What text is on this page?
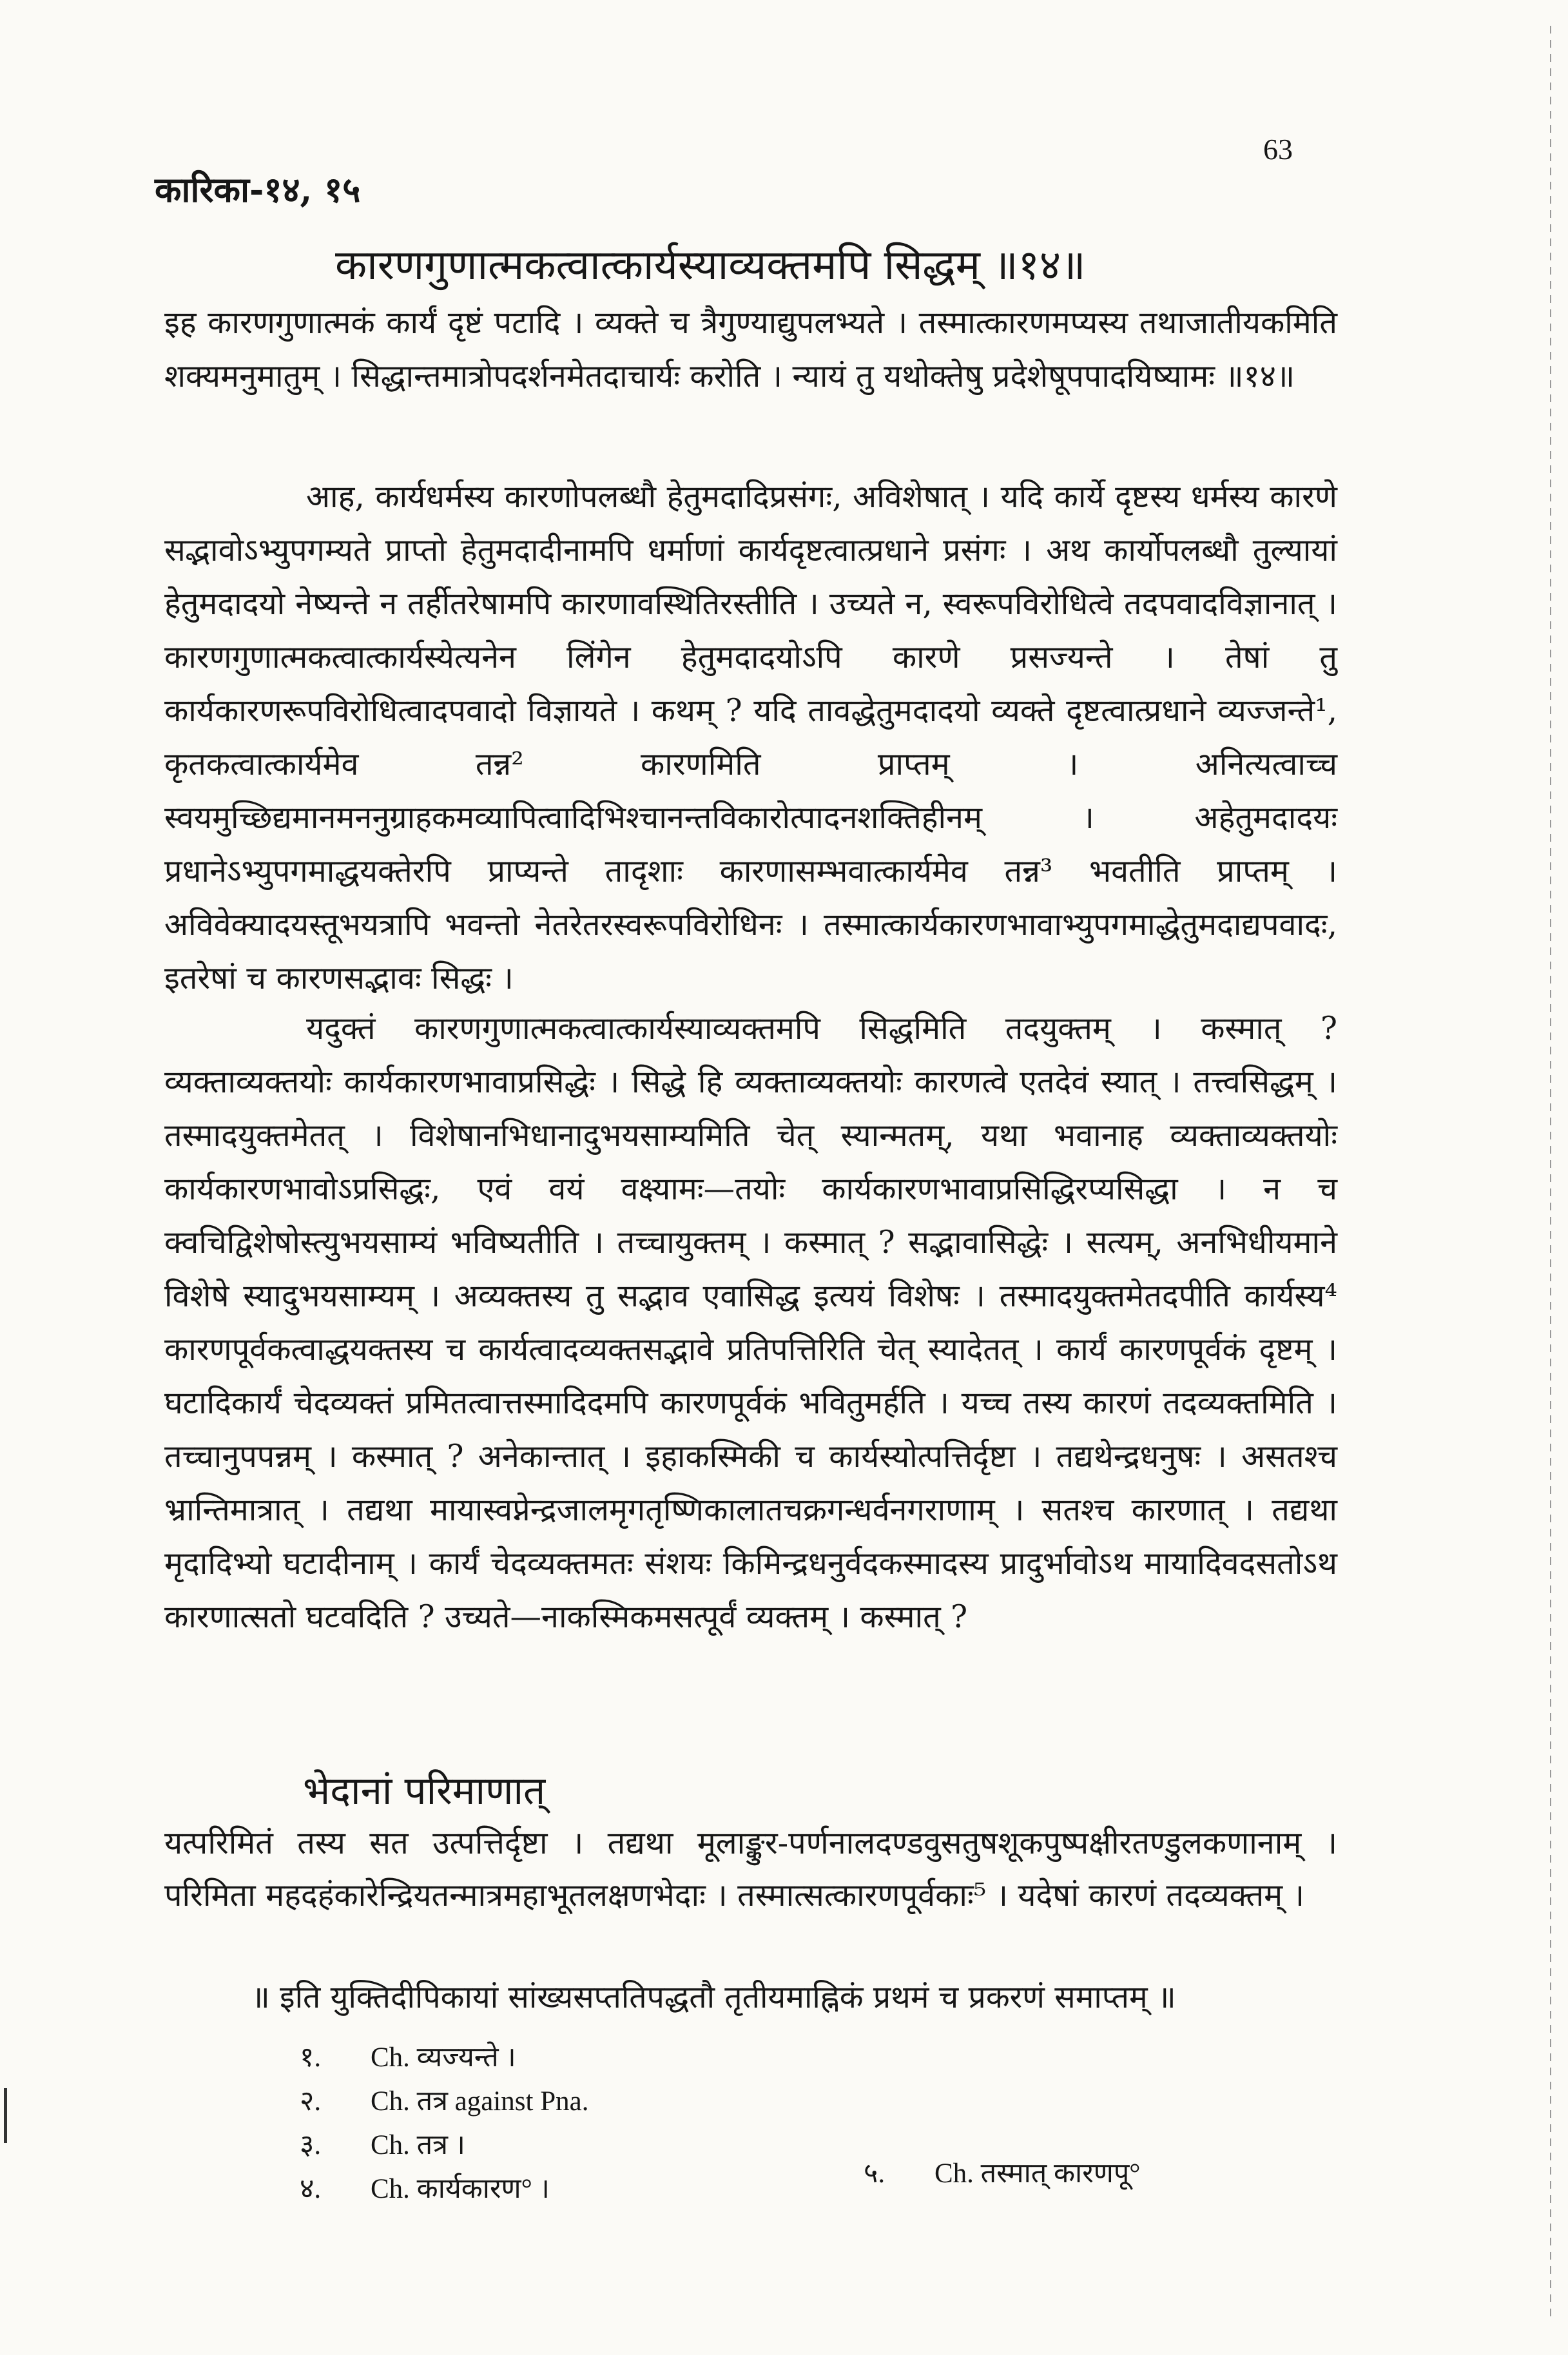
63
कारिका-१४, १५
कारणगुणात्मकत्वात्कार्यस्याव्यक्तमपि सिद्धम् ॥१४॥

इह कारणगुणात्मकं कार्यं दृष्टं पटादि । व्यक्ते च त्रैगुण्याद्युपलभ्यते । तस्मात्कारणमप्यस्य तथाजातीयकमिति शक्यमनुमातुम् । सिद्धान्तमात्रोपदर्शनमेतदाचार्यः करोति । न्यायं तु यथोक्तेषु प्रदेशेषूपपादयिष्यामः ॥१४॥

आह, कार्यधर्मस्य कारणोपलब्धौ हेतुमदादिप्रसंगः, अविशेषात् । यदि कार्ये दृष्टस्य धर्मस्य कारणे सद्भावोऽभ्युपगम्यते प्राप्तो हेतुमदादीनामपि धर्माणां कार्यदृष्टत्वात्प्रधाने प्रसंगः । अथ कार्योपलब्धौ तुल्यायां हेतुमदादयो नेष्यन्ते न तर्हीतरेषामपि कारणावस्थितिरस्तीति । उच्यते न, स्वरूपविरोधित्वे तदपवादविज्ञानात् । कारणगुणात्मकत्वात्कार्यस्येत्यनेन लिंगेन हेतुमदादयोऽपि कारणे प्रसज्यन्ते । तेषां तु कार्यकारणरूपविरोधित्वादपवादो विज्ञायते । कथम् ? यदि तावद्धेतुमदादयो व्यक्ते दृष्टत्वात्प्रधाने व्यज्जन्ते¹, कृतकत्वात्कार्यमेव तन्न² कारणमिति प्राप्तम् । अनित्यत्वाच्च स्वयमुच्छिद्यमानमननुग्राहकमव्यापित्वादिभिश्चानन्तविकारोत्पादनशक्तिहीनम् । अहेतुमदादयः प्रधानेऽभ्युपगमाद्धयक्तेरपि प्राप्यन्ते तादृशाः कारणासम्भवात्कार्यमेव तन्न³ भवतीति प्राप्तम् । अविवेक्यादयस्तूभयत्रापि भवन्तो नेतरेतरस्वरूपविरोधिनः । तस्मात्कार्यकारणभावाभ्युपगमाद्धेतुमदाद्यपवादः, इतरेषां च कारणसद्भावः सिद्धः ।

यदुक्तं कारणगुणात्मकत्वात्कार्यस्याव्यक्तमपि सिद्धमिति तदयुक्तम् । कस्मात् ? व्यक्ताव्यक्तयोः कार्यकारणभावाप्रसिद्धेः । सिद्धे हि व्यक्ताव्यक्तयोः कारणत्वे एतदेवं स्यात् । तत्त्वसिद्धम् । तस्मादयुक्तमेतत् । विशेषानभिधानादुभयसाम्यमिति चेत् स्यान्मतम्, यथा भवानाह व्यक्ताव्यक्तयोः कार्यकारणभावोऽप्रसिद्धः, एवं वयं वक्ष्यामः—तयोः कार्यकारणभावाप्रसिद्धिरप्यसिद्धा । न च क्वचिद्विशेषोस्त्युभयसाम्यं भविष्यतीति । तच्चायुक्तम् । कस्मात् ? सद्भावासिद्धेः । सत्यम्, अनभिधीयमाने विशेषे स्यादुभयसाम्यम् । अव्यक्तस्य तु सद्भाव एवासिद्ध इत्ययं विशेषः । तस्मादयुक्तमेतदपीति कार्यस्य⁴ कारणपूर्वकत्वाद्धयक्तस्य च कार्यत्वादव्यक्तसद्भावे प्रतिपत्तिरिति चेत् स्यादेतत् । कार्यं कारणपूर्वकं दृष्टम् । घटादिकार्यं चेदव्यक्तं प्रमितत्वात्तस्मादिदमपि कारणपूर्वकं भवितुमर्हति । यच्च तस्य कारणं तदव्यक्तमिति । तच्चानुपपन्नम् । कस्मात् ? अनेकान्तात् । इहाकस्मिकी च कार्यस्योत्पत्तिर्दृष्टा । तद्यथेन्द्रधनुषः । असतश्च भ्रान्तिमात्रात् । तद्यथा मायास्वप्नेन्द्रजालमृगतृष्णिकालातचक्रगन्धर्वनगराणाम् । सतश्च कारणात् । तद्यथा मृदादिभ्यो घटादीनाम् । कार्यं चेदव्यक्तमतः संशयः किमिन्द्रधनुर्वदकस्मादस्य प्रादुर्भावोऽथ मायादिवदसतोऽथ कारणात्सतो घटवदिति ? उच्यते—नाकस्मिकमसत्पूर्वं व्यक्तम् । कस्मात् ?

भेदानां परिमाणात्

यत्परिमितं तस्य सत उत्पत्तिर्दृष्टा । तद्यथा मूलाङ्कुर-पर्णनालदण्डवुसतुषशूकपुष्पक्षीरतण्डुलकणानाम् । परिमिता महदहंकारेन्द्रियतन्मात्रमहाभूतलक्षणभेदाः । तस्मात्सत्कारणपूर्वकाः⁵ । यदेषां कारणं तदव्यक्तम् ।

॥ इति युक्तिदीपिकायां सांख्यसप्ततिपद्धतौ तृतीयमाह्निकं प्रथमं च प्रकरणं समाप्तम् ॥
१. Ch. व्यज्यन्ते ।
२. Ch. तत्र against Pna.
३. Ch. तत्र ।
४. Ch. कार्यकारण° ।
५. Ch. तस्मात् कारणपू°
